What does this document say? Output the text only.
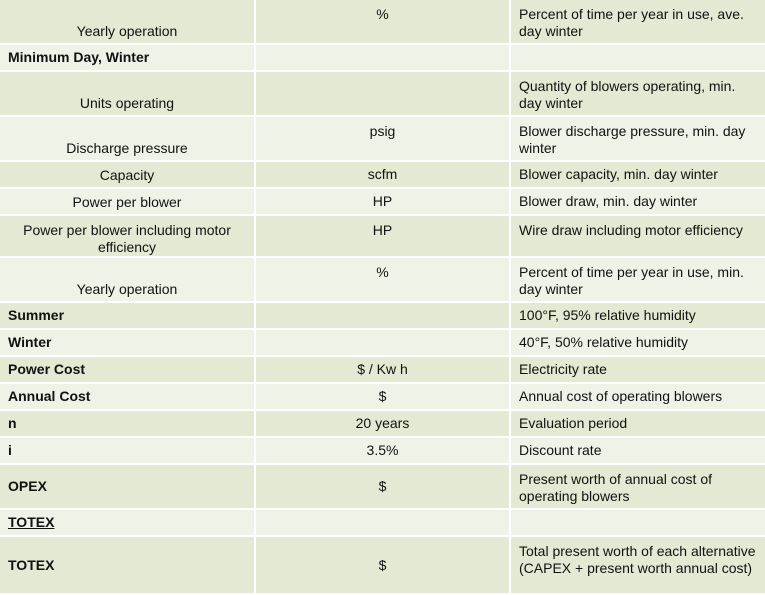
Yearly operation	%	Percent of time per year in use, ave. day winter
Minimum Day, Winter		
Units operating		Quantity of blowers operating, min. day winter
Discharge pressure	psig	Blower discharge pressure, min. day winter
Capacity	scfm	Blower capacity, min. day winter
Power per blower	HP	Blower draw, min. day winter
Power per blower including motor efficiency	HP	Wire draw including motor efficiency
Yearly operation	%	Percent of time per year in use, min. day winter
Summer		100°F, 95% relative humidity
Winter		40°F, 50% relative humidity
Power Cost	$ / Kw h	Electricity rate
Annual Cost	$	Annual cost of operating blowers
n	20 years	Evaluation period
i	3.5%	Discount rate
OPEX	$	Present worth of annual cost of operating blowers
TOTEX		
TOTEX	$	Total present worth of each alternative (CAPEX + present worth annual cost)
